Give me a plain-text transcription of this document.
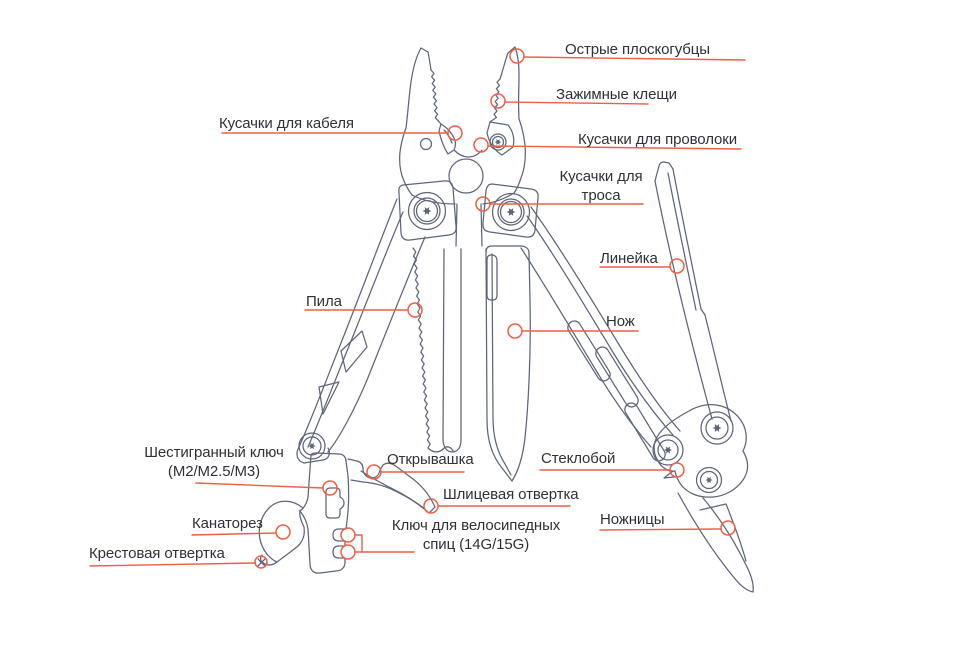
Острые плоскогубцы
Зажимные клещи
Кусачки для кабеля
Кусачки для проволоки
Кусачки для
троса
Линейка
Пила
Нож
Шестигранный ключ
(M2/M2.5/M3)
Открывашка
Шлицевая отвертка
Ключ для велосипедных
спиц (14G/15G)
Канаторез
Крестовая отвертка
Стеклобой
Ножницы
